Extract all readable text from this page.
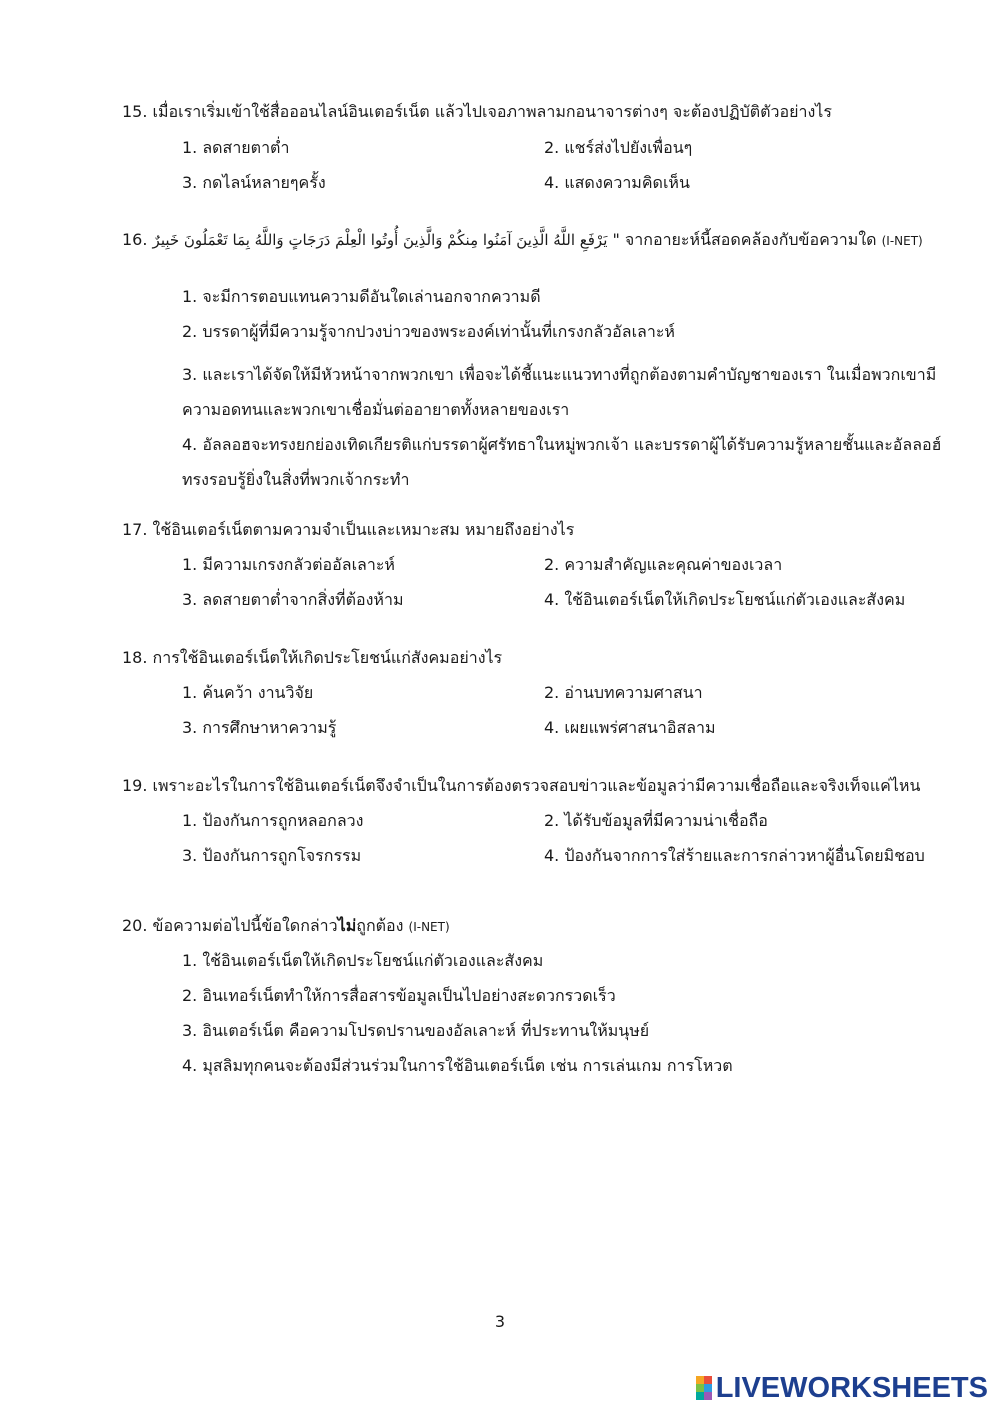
15. เมื่อเราเริ่มเข้าใช้สื่อออนไลน์อินเตอร์เน็ต แล้วไปเจอภาพลามกอนาจารต่างๆ จะต้องปฏิบัติตัวอย่างไร
1. ลดสายตาต่ำ	2. แชร์ส่งไปยังเพื่อนๆ
3. กดไลน์หลายๆครั้ง	4. แสดงความคิดเห็น
16. يَرْفَعِ اللَّهُ الَّذِينَ آمَنُوا مِنكُمْ وَالَّذِينَ أُوتُوا الْعِلْمَ دَرَجَاتٍ وَاللَّهُ بِمَا تَعْمَلُونَ خَبِيرٌ " จากอายะห์นี้สอดคล้องกับข้อความใด (I-NET)
1. จะมีการตอบแทนความดีอันใดเล่านอกจากความดี
2. บรรดาผู้ที่มีความรู้จากปวงบ่าวของพระองค์เท่านั้นที่เกรงกลัวอัลเลาะห์
3. และเราได้จัดให้มีหัวหน้าจากพวกเขา เพื่อจะได้ชี้แนะแนวทางที่ถูกต้องตามคำบัญชาของเรา ในเมื่อพวกเขามีความอดทนและพวกเขาเชื่อมั่นต่ออายาตทั้งหลายของเรา
4. อัลลอฮจะทรงยกย่องเทิดเกียรติแก่บรรดาผู้ศรัทธาในหมู่พวกเจ้า และบรรดาผู้ได้รับความรู้หลายชั้นและอัลลอฮ์ทรงรอบรู้ยิ่งในสิ่งที่พวกเจ้ากระทำ
17. ใช้อินเตอร์เน็ตตามความจำเป็นและเหมาะสม หมายถึงอย่างไร
1. มีความเกรงกลัวต่ออัลเลาะห์	2. ความสำคัญและคุณค่าของเวลา
3. ลดสายตาต่ำจากสิ่งที่ต้องห้าม	4. ใช้อินเตอร์เน็ตให้เกิดประโยชน์แก่ตัวเองและสังคม
18. การใช้อินเตอร์เน็ตให้เกิดประโยชน์แก่สังคมอย่างไร
1. ค้นคว้า งานวิจัย	2. อ่านบทความศาสนา
3. การศึกษาหาความรู้	4. เผยแพร่ศาสนาอิสลาม
19. เพราะอะไรในการใช้อินเตอร์เน็ตจึงจำเป็นในการต้องตรวจสอบข่าวและข้อมูลว่ามีความเชื่อถือและจริงเท็จแค่ไหน
1. ป้องกันการถูกหลอกลวง	2. ได้รับข้อมูลที่มีความน่าเชื่อถือ
3. ป้องกันการถูกโจรกรรม	4. ป้องกันจากการใส่ร้ายและการกล่าวหาผู้อื่นโดยมิชอบ
20. ข้อความต่อไปนี้ข้อใดกล่าวไม่ถูกต้อง (I-NET)
1. ใช้อินเตอร์เน็ตให้เกิดประโยชน์แก่ตัวเองและสังคม
2. อินเทอร์เน็ตทำให้การสื่อสารข้อมูลเป็นไปอย่างสะดวกรวดเร็ว
3. อินเตอร์เน็ต คือความโปรดปรานของอัลเลาะห์ ที่ประทานให้มนุษย์
4. มุสลิมทุกคนจะต้องมีส่วนร่วมในการใช้อินเตอร์เน็ต เช่น การเล่นเกม การโหวต
3
LIVEWORKSHEETS
